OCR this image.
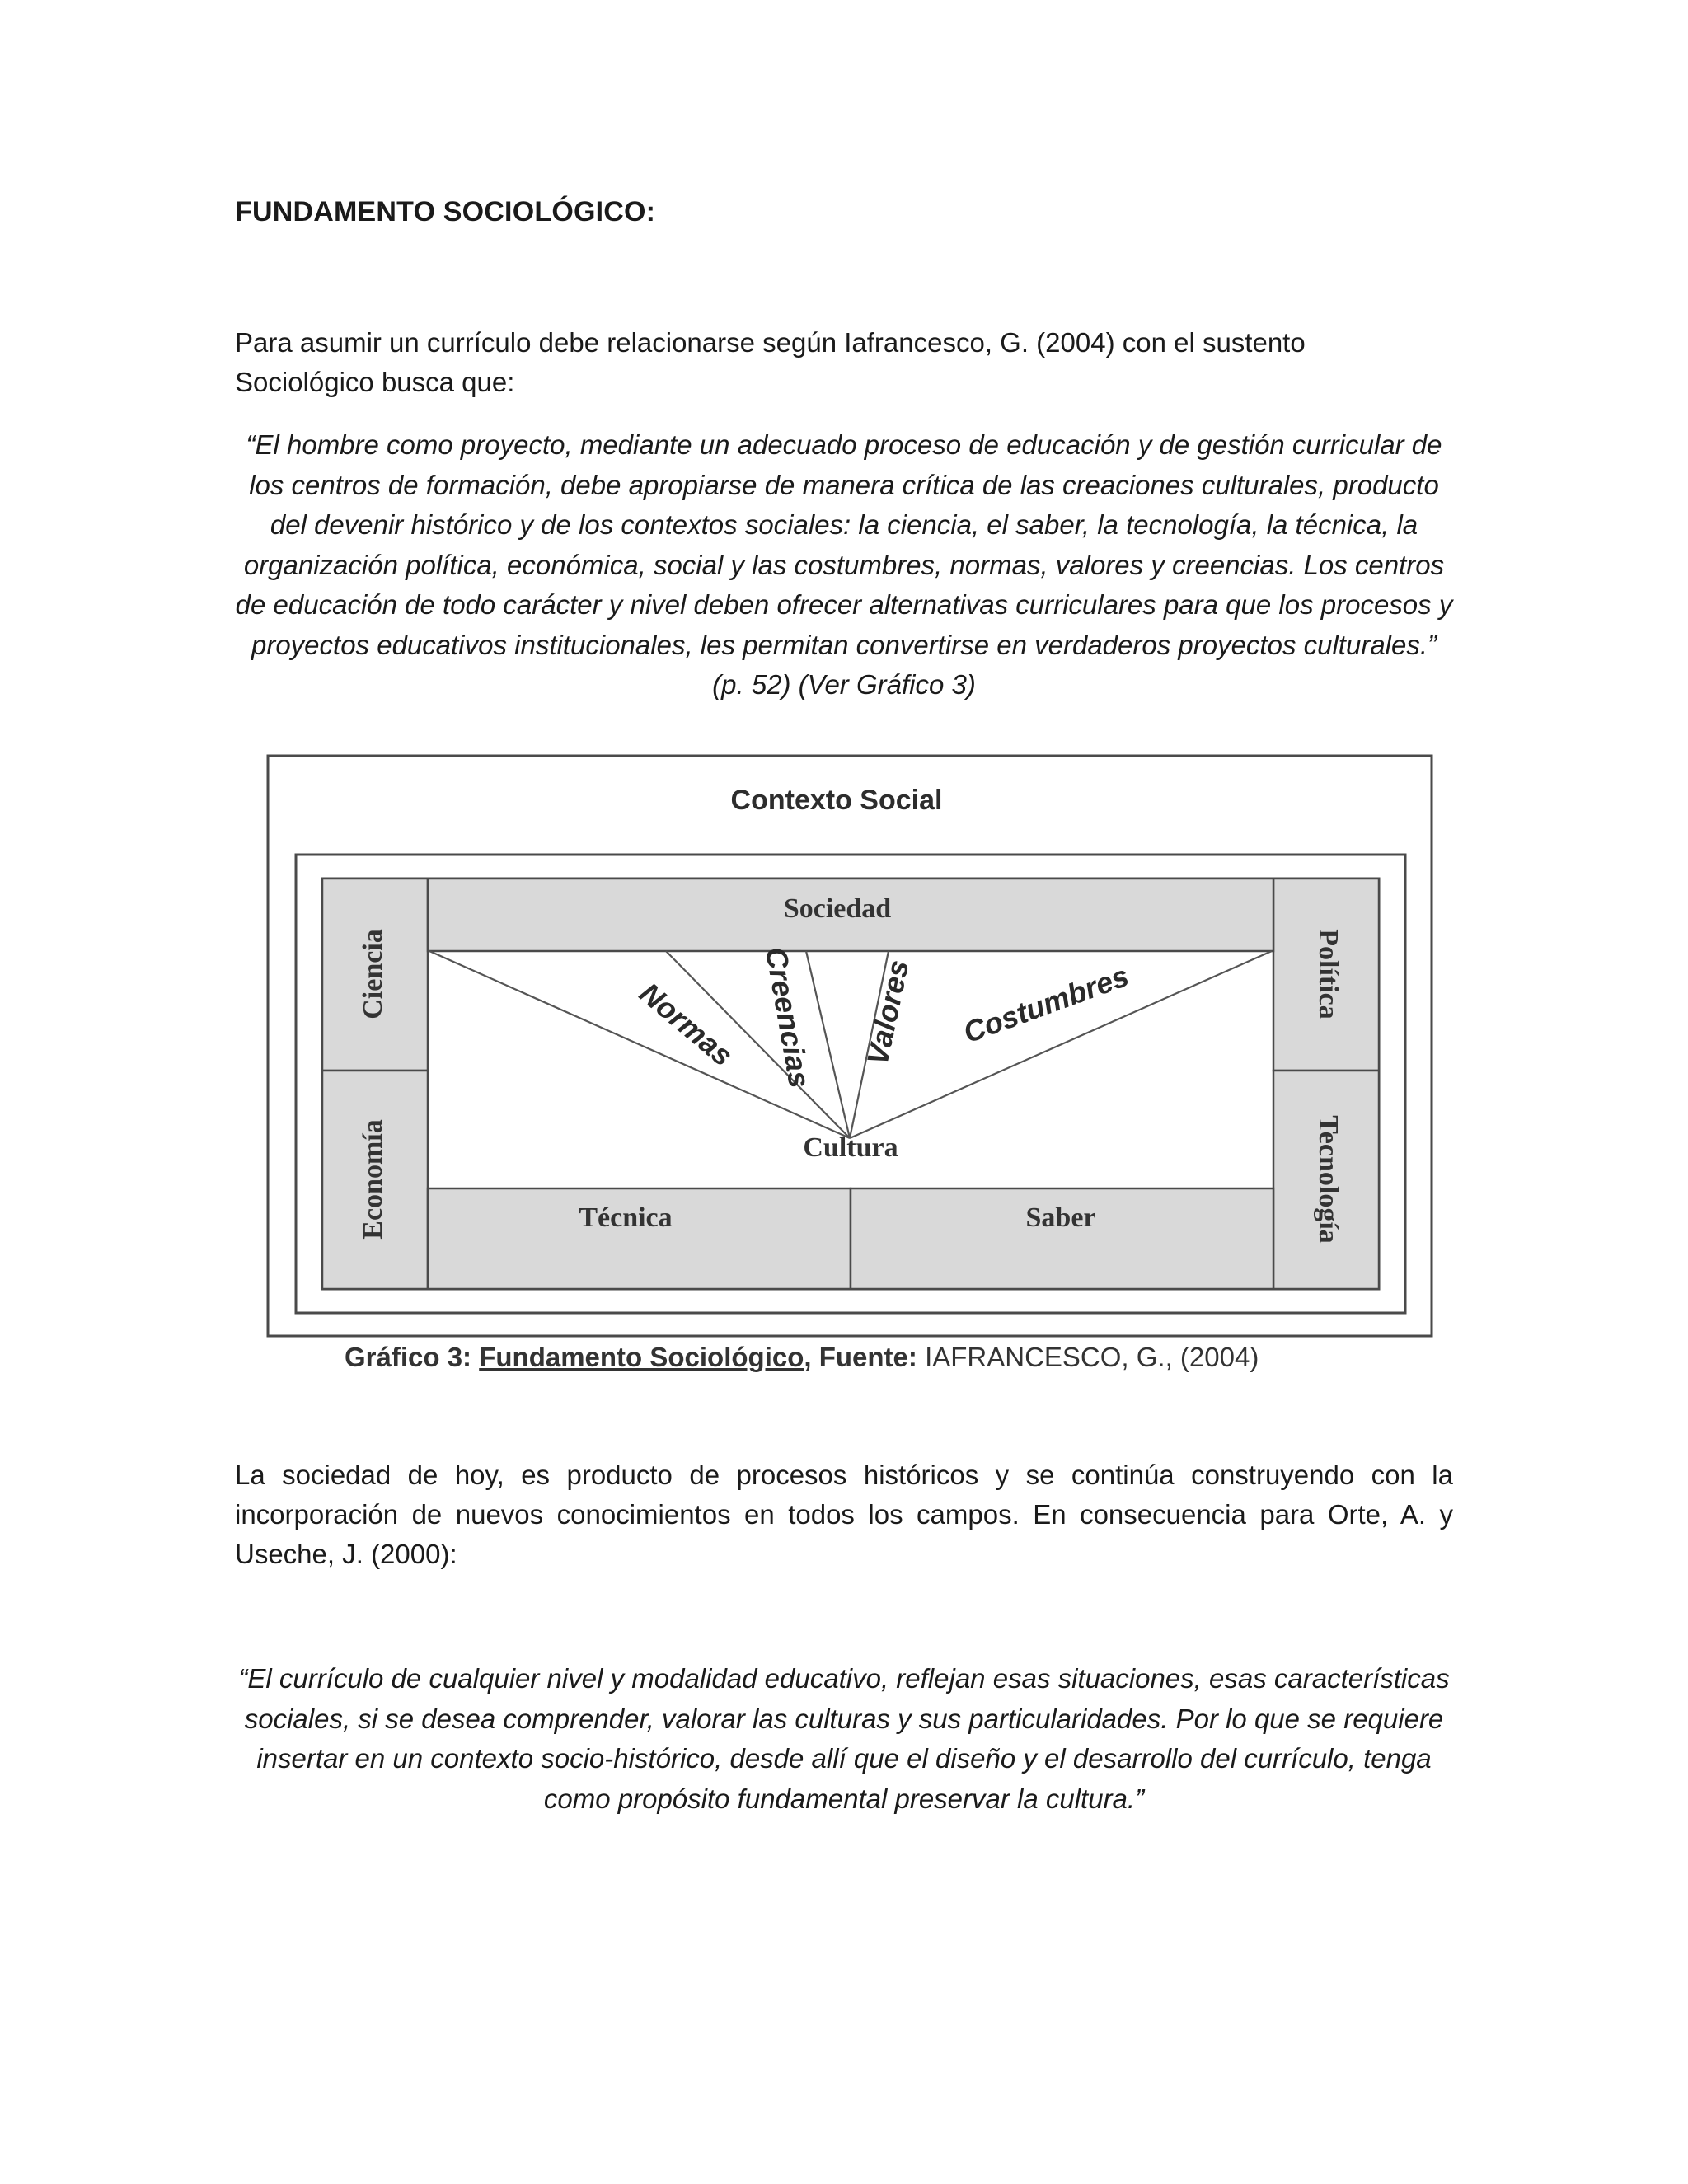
FUNDAMENTO SOCIOLÓGICO:

Para asumir un currículo debe relacionarse según Iafrancesco, G. (2004) con el sustento Sociológico busca que:

“El hombre como proyecto, mediante un adecuado proceso de educación y de gestión curricular de los centros de formación, debe apropiarse de manera crítica de las creaciones culturales, producto del devenir histórico y de los contextos sociales: la ciencia, el saber, la tecnología, la técnica, la organización política, económica, social y las costumbres, normas, valores y creencias. Los centros de educación de todo carácter y nivel deben ofrecer alternativas curriculares para que los procesos y proyectos educativos institucionales, les permitan convertirse en verdaderos proyectos culturales.” (p. 52) (Ver Gráfico 3)

Contexto Social
Sociedad
Ciencia
Economía
Política
Tecnología
Técnica	Saber
Cultura
Normas Creencias Valores Costumbres

Gráfico 3: Fundamento Sociológico, Fuente: IAFRANCESCO, G., (2004)

La sociedad de hoy, es producto de procesos históricos y se continúa construyendo con la incorporación de nuevos conocimientos en todos los campos. En consecuencia para Orte, A. y Useche, J. (2000):

“El currículo de cualquier nivel y modalidad educativo, reflejan esas situaciones, esas características sociales, si se desea comprender, valorar las culturas y sus particularidades. Por lo que se requiere insertar en un contexto socio-histórico, desde allí que el diseño y el desarrollo del currículo, tenga como propósito fundamental preservar la cultura.”
